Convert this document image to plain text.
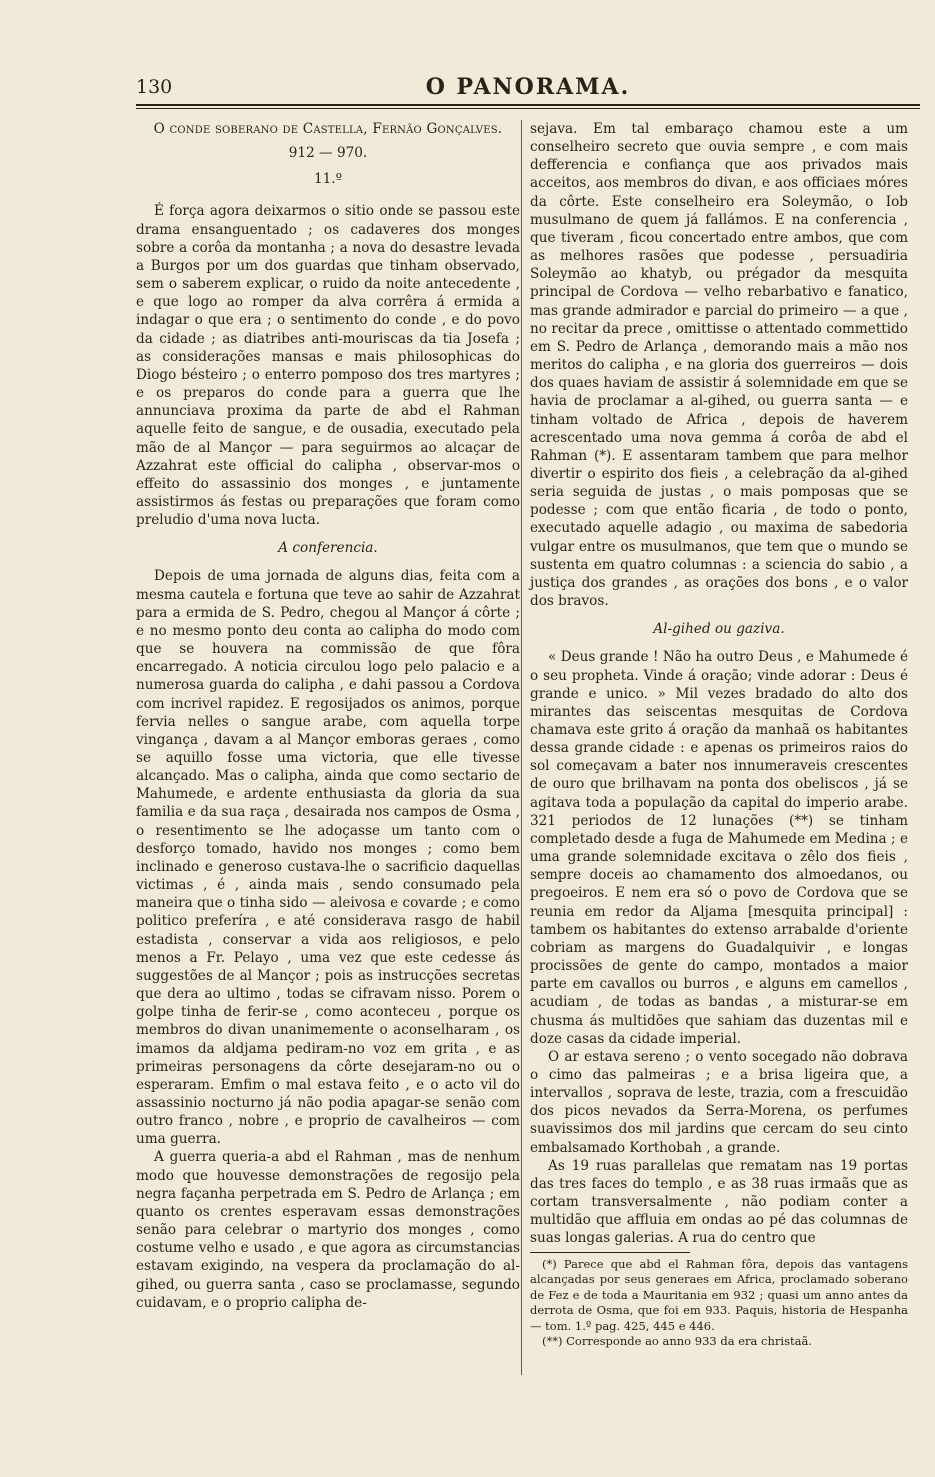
130	O PANORAMA.
O conde soberano de Castella, Fernão Gonçalves.
912 — 970.
11.º

É força agora deixarmos o sitio onde se passou este drama ensanguentado ; os cadaveres dos monges sobre a corôa da montanha ; a nova do desastre levada a Burgos por um dos guardas que tinham observado, sem o saberem explicar, o ruido da noite antecedente , e que logo ao romper da alva corrêra á ermida a indagar o que era ; o sentimento do conde , e do povo da cidade ; as diatribes anti-mouriscas da tia Josefa ; as considerações mansas e mais philosophicas do Diogo bésteiro ; o enterro pomposo dos tres martyres ; e os preparos do conde para a guerra que lhe annunciava proxima da parte de abd el Rahman aquelle feito de sangue, e de ousadia, executado pela mão de al Mançor — para seguirmos ao alcaçar de Azzahrat este official do calipha , observar-mos o effeito do assassinio dos monges , e juntamente assistirmos ás festas ou preparações que foram como preludio d'uma nova lucta.

A conferencia.

Depois de uma jornada de alguns dias, feita com a mesma cautela e fortuna que teve ao sahir de Azzahrat para a ermida de S. Pedro, chegou al Mançor á côrte ; e no mesmo ponto deu conta ao calipha do modo com que se houvera na commissão de que fôra encarregado. A noticia circulou logo pelo palacio e a numerosa guarda do calipha , e dahi passou a Cordova com incrivel rapidez. E regosijados os animos, porque fervia nelles o sangue arabe, com aquella torpe vingança , davam a al Mançor emboras geraes , como se aquillo fosse uma victoria, que elle tivesse alcançado. Mas o calipha, ainda que como sectario de Mahumede, e ardente enthusiasta da gloria da sua familia e da sua raça , desairada nos campos de Osma , o resentimento se lhe adoçasse um tanto com o desforço tomado, havido nos monges ; como bem inclinado e generoso custava-lhe o sacrificio daquellas victimas , é , ainda mais , sendo consumado pela maneira que o tinha sido — aleivosa e covarde ; e como politico preferíra , e até considerava rasgo de habil estadista , conservar a vida aos religiosos, e pelo menos a Fr. Pelayo , uma vez que este cedesse ás suggestões de al Mançor ; pois as instrucções secretas que dera ao ultimo , todas se cifravam nisso. Porem o golpe tinha de ferir-se , como aconteceu , porque os membros do divan unanimemente o aconselharam , os imamos da aldjama pediram-no voz em grita , e as primeiras personagens da côrte desejaram-no ou o esperaram. Emfim o mal estava feito , e o acto vil do assassinio nocturno já não podia apagar-se senão com outro franco , nobre , e proprio de cavalheiros — com uma guerra.

A guerra queria-a abd el Rahman , mas de nenhum modo que houvesse demonstrações de regosijo pela negra façanha perpetrada em S. Pedro de Arlança ; em quanto os crentes esperavam essas demonstrações senão para celebrar o martyrio dos monges , como costume velho e usado , e que agora as circumstancias estavam exigindo, na vespera da proclamação do al-gihed, ou guerra santa , caso se proclamasse, segundo cuidavam, e o proprio calipha de-

sejava. Em tal embaraço chamou este a um conselheiro secreto que ouvia sempre , e com mais defferencia e confiança que aos privados mais acceitos, aos membros do divan, e aos officiaes móres da côrte. Este conselheiro era Soleymão, o Iob musulmano de quem já fallámos. E na conferencia , que tiveram , ficou concertado entre ambos, que com as melhores rasões que podesse , persuadiria Soleymão ao khatyb, ou prégador da mesquita principal de Cordova — velho rebarbativo e fanatico, mas grande admirador e parcial do primeiro — a que , no recitar da prece , omittisse o attentado commettido em S. Pedro de Arlança , demorando mais a mão nos meritos do calipha , e na gloria dos guerreiros — dois dos quaes haviam de assistir á solemnidade em que se havia de proclamar a al-gihed, ou guerra santa — e tinham voltado de Africa , depois de haverem acrescentado uma nova gemma á corôa de abd el Rahman (*). E assentaram tambem que para melhor divertir o espirito dos fieis , a celebração da al-gihed seria seguida de justas , o mais pomposas que se podesse ; com que então ficaria , de todo o ponto, executado aquelle adagio , ou maxima de sabedoria vulgar entre os musulmanos, que tem que o mundo se sustenta em quatro columnas : a sciencia do sabio , a justiça dos grandes , as orações dos bons , e o valor dos bravos.

Al-gihed ou gaziva.

« Deus grande ! Não ha outro Deus , e Mahumede é o seu propheta. Vinde á oração; vinde adorar : Deus é grande e unico. » Mil vezes bradado do alto dos mirantes das seiscentas mesquitas de Cordova chamava este grito á oração da manhaã os habitantes dessa grande cidade : e apenas os primeiros raios do sol começavam a bater nos innumeraveis crescentes de ouro que brilhavam na ponta dos obeliscos , já se agitava toda a população da capital do imperio arabe. 321 periodos de 12 lunações (**) se tinham completado desde a fuga de Mahumede em Medina ; e uma grande solemnidade excitava o zêlo dos fieis , sempre doceis ao chamamento dos almoedanos, ou pregoeiros. E nem era só o povo de Cordova que se reunia em redor da Aljama [mesquita principal] : tambem os habitantes do extenso arrabalde d'oriente cobriam as margens do Guadalquivir , e longas procissões de gente do campo, montados a maior parte em cavallos ou burros , e alguns em camellos , acudiam , de todas as bandas , a misturar-se em chusma ás multidões que sahiam das duzentas mil e doze casas da cidade imperial.

O ar estava sereno ; o vento socegado não dobrava o cimo das palmeiras ; e a brisa ligeira que, a intervallos , soprava de leste, trazia, com a frescuidão dos picos nevados da Serra-Morena, os perfumes suavissimos dos mil jardins que cercam do seu cinto embalsamado Korthobah , a grande.

As 19 ruas parallelas que rematam nas 19 portas das tres faces do templo , e as 38 ruas irmaãs que as cortam transversalmente , não podiam conter a multidão que affluia em ondas ao pé das columnas de suas longas galerias. A rua do centro que

(*) Parece que abd el Rahman fôra, depois das vantagens alcançadas por seus generaes em Africa, proclamado soberano de Fez e de toda a Mauritania em 932 ; quasi um anno antes da derrota de Osma, que foi em 933. Paquis, historia de Hespanha — tom. 1.º pag. 425, 445 e 446.

(**) Corresponde ao anno 933 da era christaã.
